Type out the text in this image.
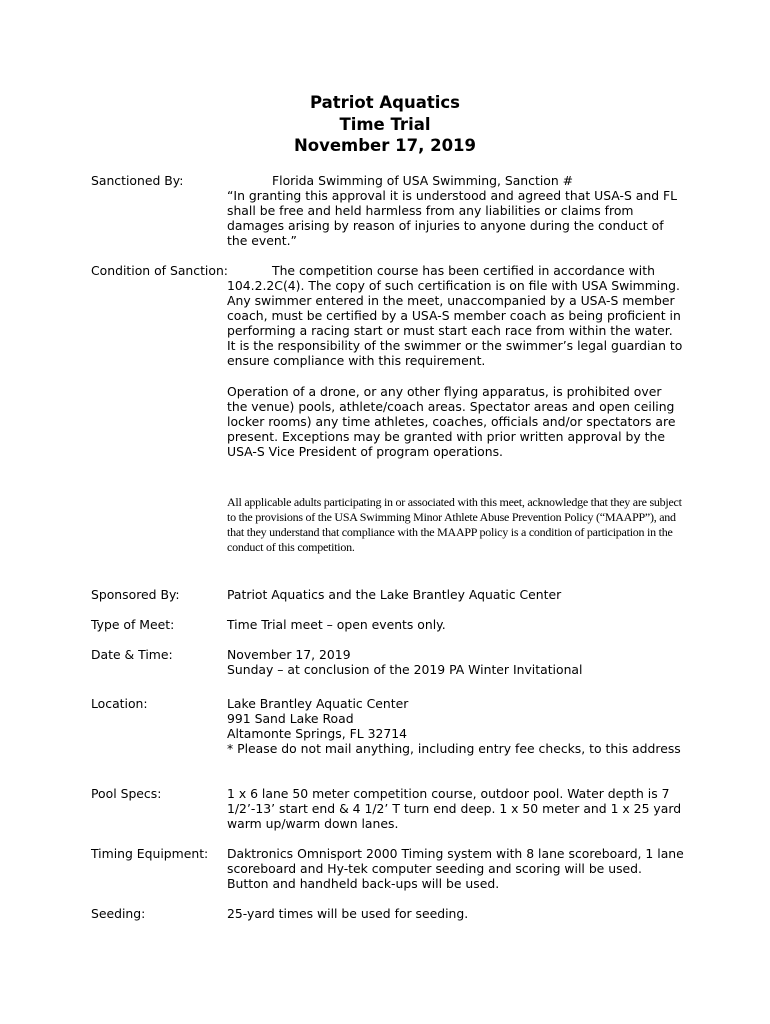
Patriot Aquatics
Time Trial
November 17, 2019
Sanctioned By:	Florida Swimming of USA Swimming, Sanction #

“In granting this approval it is understood and agreed that USA-S and FL shall be free and held harmless from any liabilities or claims from damages arising by reason of injuries to anyone during the conduct of the event.”

Condition of Sanction:	The competition course has been certified in accordance with 104.2.2C(4). The copy of such certification is on file with USA Swimming. Any swimmer entered in the meet, unaccompanied by a USA-S member coach, must be certified by a USA-S member coach as being proficient in performing a racing start or must start each race from within the water. It is the responsibility of the swimmer or the swimmer’s legal guardian to ensure compliance with this requirement.

Operation of a drone, or any other flying apparatus, is prohibited over the venue) pools, athlete/coach areas. Spectator areas and open ceiling locker rooms) any time athletes, coaches, officials and/or spectators are present. Exceptions may be granted with prior written approval by the USA-S Vice President of program operations.
All applicable adults participating in or associated with this meet, acknowledge that they are subject to the provisions of the USA Swimming Minor Athlete Abuse Prevention Policy (“MAAPP”), and that they understand that compliance with the MAAPP policy is a condition of participation in the conduct of this competition.
Sponsored By:	Patriot Aquatics and the Lake Brantley Aquatic Center
Type of Meet:	Time Trial meet – open events only.
Date & Time:	November 17, 2019

Sunday – at conclusion of the 2019 PA Winter Invitational

Location:	Lake Brantley Aquatic Center

991 Sand Lake Road

Altamonte Springs, FL 32714

* Please do not mail anything, including entry fee checks, to this address

Pool Specs:	1 x 6 lane 50 meter competition course, outdoor pool. Water depth is 7 1/2’-13’ start end & 4 1/2’ T turn end deep. 1 x 50 meter and 1 x 25 yard warm up/warm down lanes.
Timing Equipment: Daktronics Omnisport 2000 Timing system with 8 lane scoreboard, 1 lane scoreboard and Hy-tek computer seeding and scoring will be used. Button and handheld back-ups will be used.
Seeding:	25-yard times will be used for seeding.
